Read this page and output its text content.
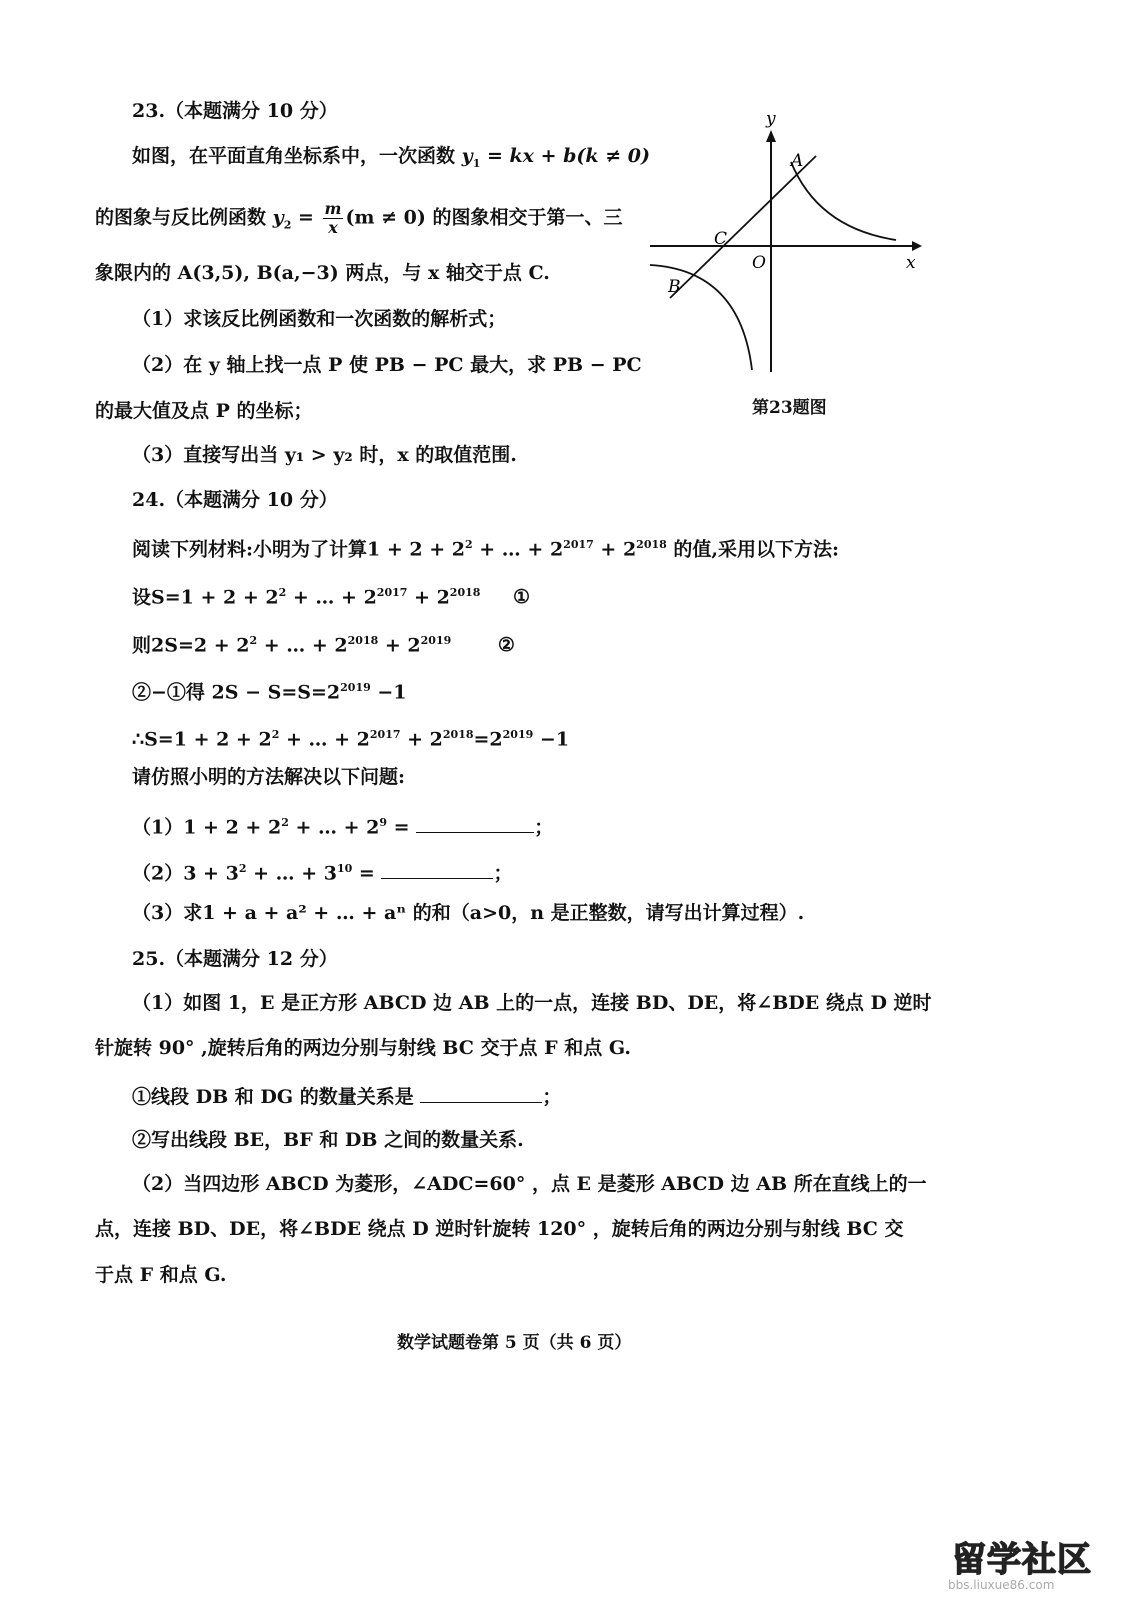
23.（本题满分 10 分）
如图，在平面直角坐标系中，一次函数 $y_1$ = kx + b(k ≠ 0)
的图象与反比例函数 $y_2 = \frac{m}{x} (m \ne 0)$ 的图象相交于第一、三
象限内的 A(3,5), B(a,−3) 两点，与 x 轴交于点 C.
（1）求该反比例函数和一次函数的解析式；
（2）在 y 轴上找一点 P 使 PB − PC 最大，求 PB − PC
的最大值及点 P 的坐标；
（3）直接写出当 y₁ > y₂ 时，x 的取值范围.
y
x
O
A
B
C
第23题图
24.（本题满分 10 分）
阅读下列材料:小明为了计算$1 + 2 + 2^2$ + … + $2^{2017} + 2^{2018}$ 的值,采用以下方法:
设$S=1 + 2 + 2^2$ + … + $2^{2017} + 2^{2018}$ ①
则$2S=2 + 2^2$ + … + $2^{2018} + 2^{2019}$ ②
②−①得 $2S - S=S=2^{2019} -1$
∴S=1 + $2 + 2^2$ + … + $2^{2017} + 2^{2018}=2^{2019} -1$
请仿照小明的方法解决以下问题:
$(1)1 + 2 + 2^2$ + … + $2^9$ =	；
$(2)3 + 3^2$ + … + $3^{10}$ =	；
（3）求1 + a + a² + … + aⁿ 的和（a>0，n 是正整数，请写出计算过程）.
25.（本题满分 12 分）
（1）如图 1，E 是正方形 ABCD 边 AB 上的一点，连接 BD、DE，将∠BDE 绕点 D 逆时
针旋转 90° ,旋转后角的两边分别与射线 BC 交于点 F 和点 G.
①线段 DB 和 DG 的数量关系是	；
②写出线段 BE，BF 和 DB 之间的数量关系.
（2）当四边形 ABCD 为菱形，∠ADC=60° ，点 E 是菱形 ABCD 边 AB 所在直线上的一
点，连接 BD、DE，将∠BDE 绕点 D 逆时针旋转 120° ，旋转后角的两边分别与射线 BC 交
于点 F 和点 G.
数学试题卷第 5 页（共 6 页）
留学社区
bbs.liuxue86.com
